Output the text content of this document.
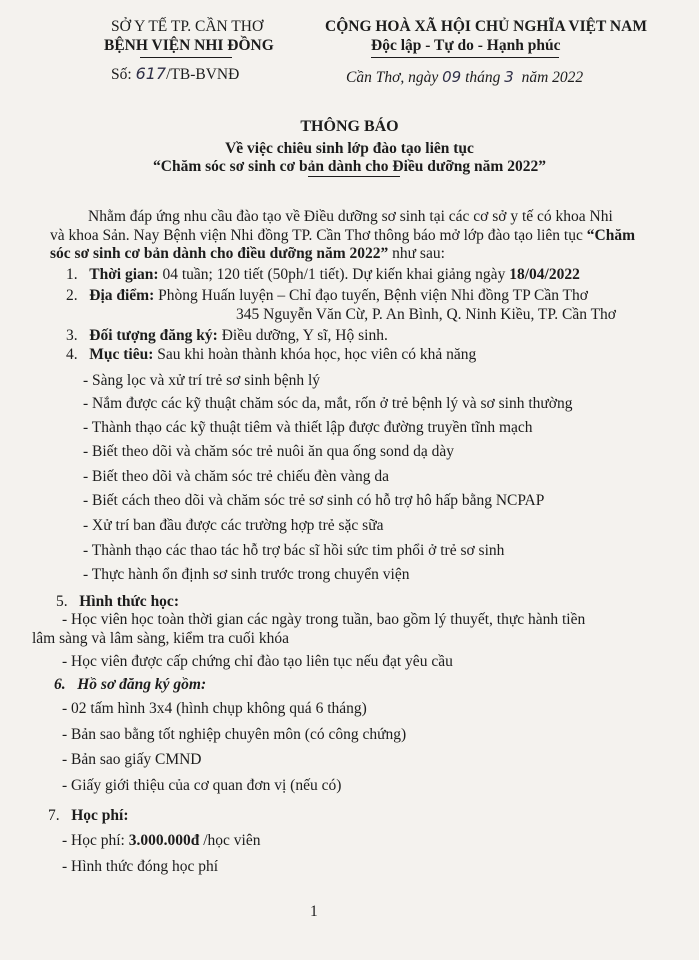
SỞ Y TẾ TP. CẦN THƠ
BỆNH VIỆN NHI ĐỒNG
Số: 617/TB-BVNĐ
CỘNG HOÀ XÃ HỘI CHỦ NGHĨA VIỆT NAM
Độc lập - Tự do - Hạnh phúc
Cần Thơ, ngày 09 tháng 3 năm 2022
THÔNG BÁO
Về việc chiêu sinh lớp đào tạo liên tục
“Chăm sóc sơ sinh cơ bản dành cho Điều dưỡng năm 2022”
Nhằm đáp ứng nhu cầu đào tạo về Điều dưỡng sơ sinh tại các cơ sở y tế có khoa Nhi
và khoa Sản. Nay Bệnh viện Nhi đồng TP. Cần Thơ thông báo mở lớp đào tạo liên tục “Chăm
sóc sơ sinh cơ bản dành cho điều dưỡng năm 2022” như sau:
1. Thời gian: 04 tuần; 120 tiết (50ph/1 tiết). Dự kiến khai giảng ngày 18/04/2022
2. Địa điểm: Phòng Huấn luyện – Chỉ đạo tuyến, Bệnh viện Nhi đồng TP Cần Thơ
345 Nguyễn Văn Cừ, P. An Bình, Q. Ninh Kiều, TP. Cần Thơ
3. Đối tượng đăng ký: Điều dưỡng, Y sĩ, Hộ sinh.
4. Mục tiêu: Sau khi hoàn thành khóa học, học viên có khả năng
- Sàng lọc và xử trí trẻ sơ sinh bệnh lý
- Nắm được các kỹ thuật chăm sóc da, mắt, rốn ở trẻ bệnh lý và sơ sinh thường
- Thành thạo các kỹ thuật tiêm và thiết lập được đường truyền tĩnh mạch
- Biết theo dõi và chăm sóc trẻ nuôi ăn qua ống sond dạ dày
- Biết theo dõi và chăm sóc trẻ chiếu đèn vàng da
- Biết cách theo dõi và chăm sóc trẻ sơ sinh có hỗ trợ hô hấp bằng NCPAP
- Xử trí ban đầu được các trường hợp trẻ sặc sữa
- Thành thạo các thao tác hỗ trợ bác sĩ hồi sức tim phổi ở trẻ sơ sinh
- Thực hành ổn định sơ sinh trước trong chuyển viện
5. Hình thức học:
- Học viên học toàn thời gian các ngày trong tuần, bao gồm lý thuyết, thực hành tiền
lâm sàng và lâm sàng, kiểm tra cuối khóa
- Học viên được cấp chứng chỉ đào tạo liên tục nếu đạt yêu cầu
6. Hồ sơ đăng ký gồm:
- 02 tấm hình 3x4 (hình chụp không quá 6 tháng)
- Bản sao bằng tốt nghiệp chuyên môn (có công chứng)
- Bản sao giấy CMND
- Giấy giới thiệu của cơ quan đơn vị (nếu có)
7. Học phí:
- Học phí: 3.000.000đ /học viên
- Hình thức đóng học phí
1
